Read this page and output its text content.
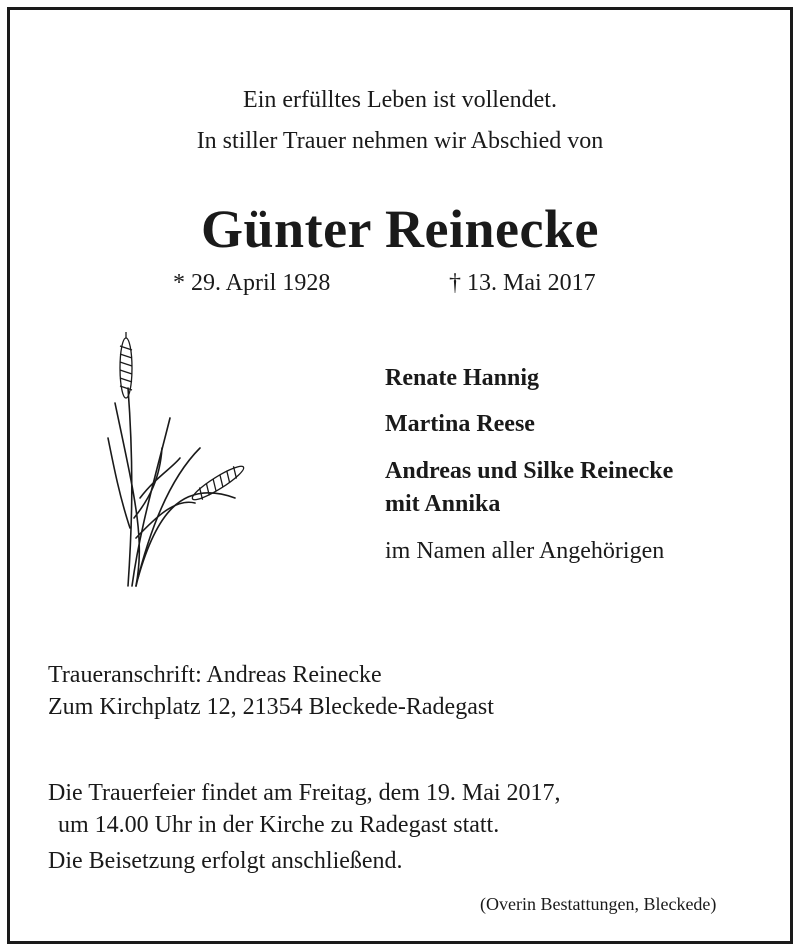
Ein erfülltes Leben ist vollendet.
In stiller Trauer nehmen wir Abschied von
Günter Reinecke
* 29. April 1928	† 13. Mai 2017
Renate Hannig
Martina Reese
Andreas und Silke Reinecke
mit Annika
im Namen aller Angehörigen
Traueranschrift: Andreas Reinecke
Zum Kirchplatz 12, 21354 Bleckede-Radegast
Die Trauerfeier findet am Freitag, dem 19. Mai 2017,
um 14.00 Uhr in der Kirche zu Radegast statt.
Die Beisetzung erfolgt anschließend.
(Overin Bestattungen, Bleckede)
